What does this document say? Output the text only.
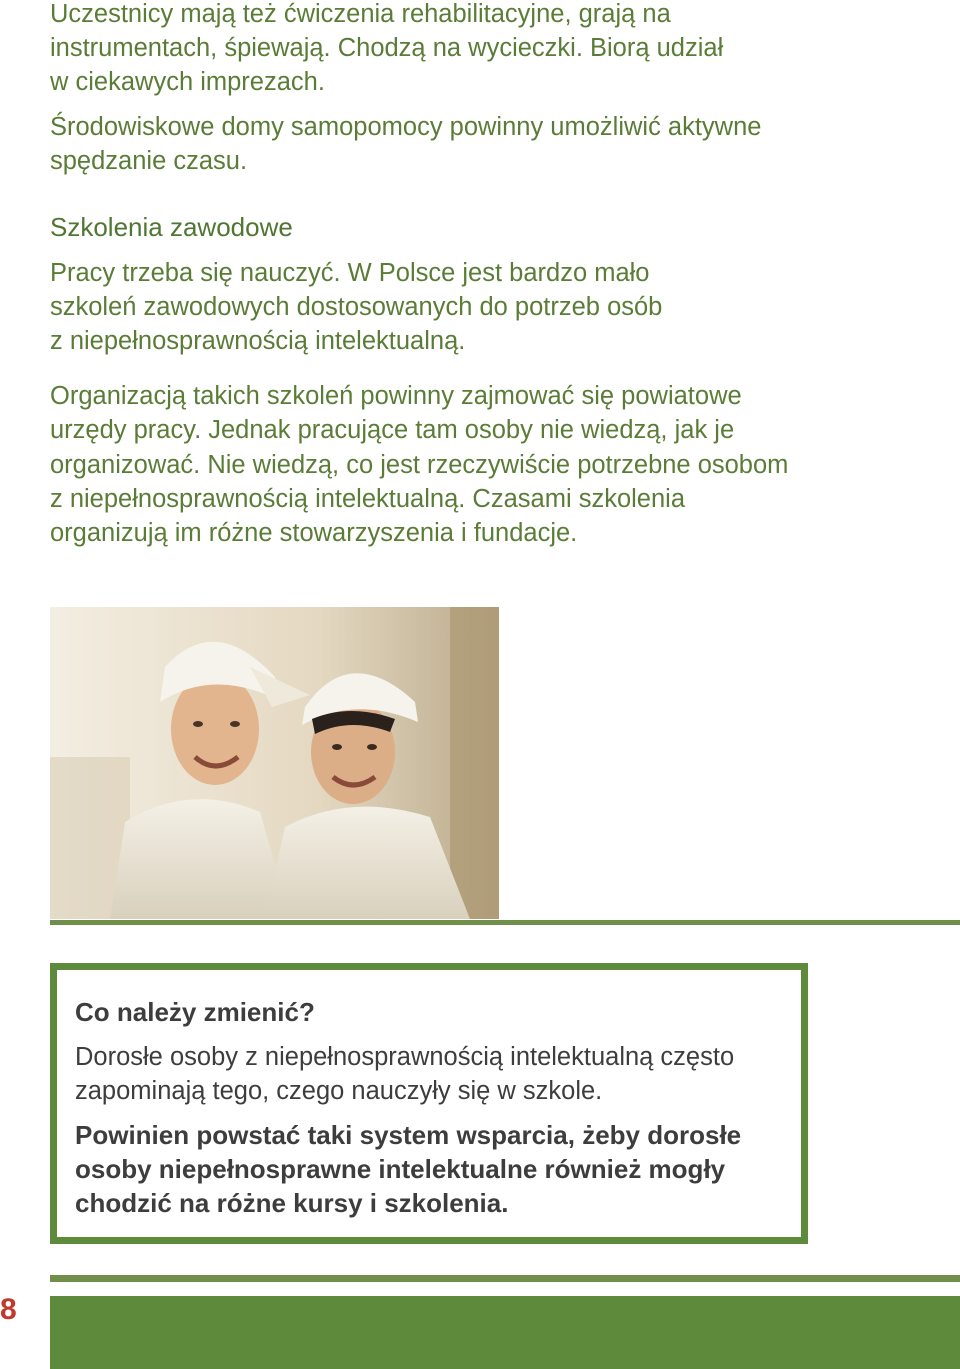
Uczestnicy mają też ćwiczenia rehabilitacyjne, grają na

instrumentach, śpiewają. Chodzą na wycieczki. Biorą udział

w ciekawych imprezach.

Środowiskowe domy samopomocy powinny umożliwić aktywne

spędzanie czasu.

Szkolenia zawodowe

Pracy trzeba się nauczyć. W Polsce jest bardzo mało

szkoleń zawodowych dostosowanych do potrzeb osób

z niepełnosprawnością intelektualną.

Organizacją takich szkoleń powinny zajmować się powiatowe

urzędy pracy. Jednak pracujące tam osoby nie wiedzą, jak je

organizować. Nie wiedzą, co jest rzeczywiście potrzebne osobom

z niepełnosprawnością intelektualną. Czasami szkolenia

organizują im różne stowarzyszenia i fundacje.

Co należy zmienić?

Dorosłe osoby z niepełnosprawnością intelektualną często
zapominają tego, czego nauczyły się w szkole.

Powinien powstać taki system wsparcia, żeby dorosłe
osoby niepełnosprawne intelektualne również mogły
chodzić na różne kursy i szkolenia.

8
